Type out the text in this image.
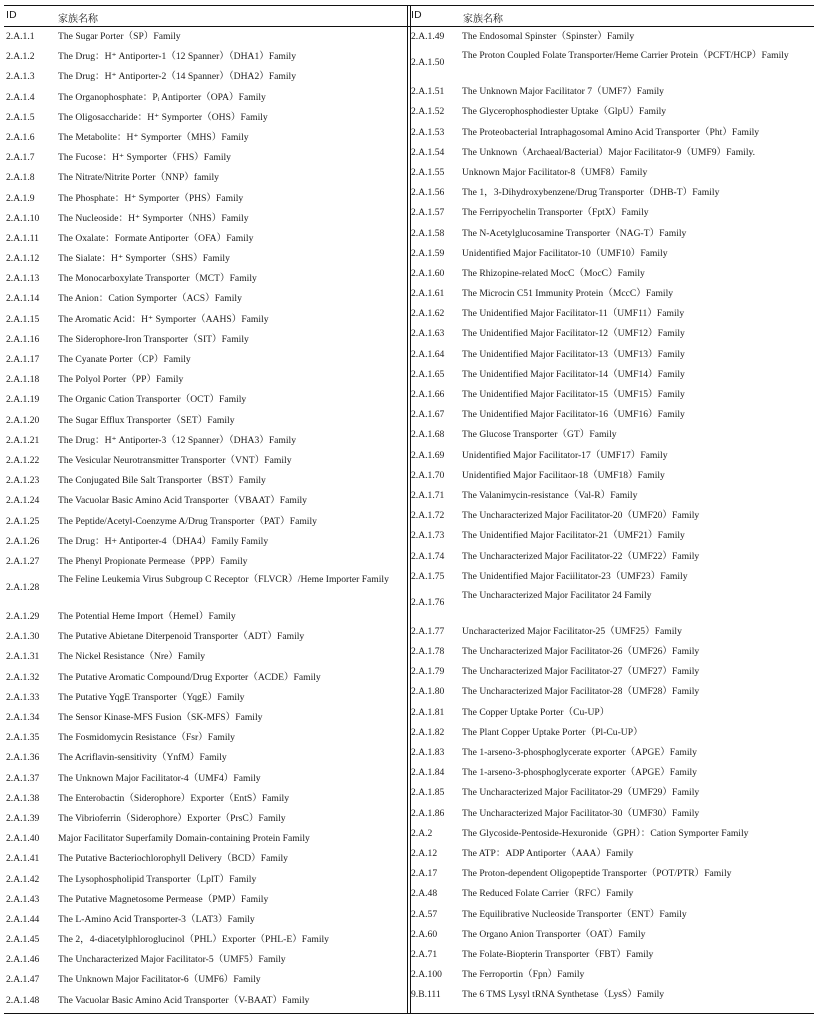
ID	家族名称
2.A.1.1 The Sugar Porter（SP）Family
2.A.1.2 The Drug：H⁺ Antiporter-1（12 Spanner）（DHA1）Family
2.A.1.3 The Drug：H⁺ Antiporter-2（14 Spanner）（DHA2）Family
2.A.1.4 The Organophosphate：Pᵢ Antiporter（OPA）Family
2.A.1.5 The Oligosaccharide：H⁺ Symporter（OHS）Family
2.A.1.6 The Metabolite：H⁺ Symporter（MHS）Family
2.A.1.7 The Fucose：H⁺ Symporter（FHS）Family
2.A.1.8 The Nitrate/Nitrite Porter（NNP）family
2.A.1.9 The Phosphate：H⁺ Symporter（PHS）Family
2.A.1.10 The Nucleoside：H⁺ Symporter（NHS）Family
2.A.1.11 The Oxalate：Formate Antiporter（OFA）Family
2.A.1.12 The Sialate：H⁺ Symporter（SHS）Family
2.A.1.13 The Monocarboxylate Transporter（MCT）Family
2.A.1.14 The Anion：Cation Symporter（ACS）Family
2.A.1.15 The Aromatic Acid：H⁺ Symporter（AAHS）Family
2.A.1.16 The Siderophore-Iron Transporter（SIT）Family
2.A.1.17 The Cyanate Porter（CP）Family
2.A.1.18 The Polyol Porter（PP）Family
2.A.1.19 The Organic Cation Transporter（OCT）Family
2.A.1.20 The Sugar Efflux Transporter（SET）Family
2.A.1.21 The Drug：H⁺ Antiporter-3（12 Spanner）（DHA3）Family
2.A.1.22 The Vesicular Neurotransmitter Transporter（VNT）Family
2.A.1.23 The Conjugated Bile Salt Transporter（BST）Family
2.A.1.24 The Vacuolar Basic Amino Acid Transporter（VBAAT）Family
2.A.1.25 The Peptide/Acetyl-Coenzyme A/Drug Transporter（PAT）Family
2.A.1.26 The Drug：H+ Antiporter-4（DHA4）Family Family
2.A.1.27 The Phenyl Propionate Permease（PPP）Family
2.A.1.28
The Feline Leukemia Virus Subgroup C Receptor（FLVCR）/Heme Importer Family
2.A.1.29 The Potential Heme Import（HemeI）Family
2.A.1.30 The Putative Abietane Diterpenoid Transporter（ADT）Family
2.A.1.31 The Nickel Resistance（Nre）Family
2.A.1.32 The Putative Aromatic Compound/Drug Exporter（ACDE）Family
2.A.1.33 The Putative YqgE Transporter（YqgE）Family
2.A.1.34 The Sensor Kinase-MFS Fusion（SK-MFS）Family
2.A.1.35 The Fosmidomycin Resistance（Fsr）Family
2.A.1.36 The Acriflavin-sensitivity（YnfM）Family
2.A.1.37 The Unknown Major Facilitator-4（UMF4）Family
2.A.1.38 The Enterobactin（Siderophore）Exporter（EntS）Family
2.A.1.39 The Vibrioferrin（Siderophore）Exporter（PrsC）Family
2.A.1.40 Major Facilitator Superfamily Domain-containing Protein Family
2.A.1.41 The Putative Bacteriochlorophyll Delivery（BCD）Family
2.A.1.42 The Lysophospholipid Transporter（LplT）Family
2.A.1.43 The Putative Magnetosome Permease（PMP）Family
2.A.1.44 The L-Amino Acid Transporter-3（LAT3）Family
2.A.1.45 The 2，4-diacetylphloroglucinol（PHL）Exporter（PHL-E）Family
2.A.1.46 The Uncharacterized Major Facilitator-5（UMF5）Family
2.A.1.47 The Unknown Major Facilitator-6（UMF6）Family
2.A.1.48 The Vacuolar Basic Amino Acid Transporter（V-BAAT）Family
ID	家族名称
2.A.1.49 The Endosomal Spinster（Spinster）Family
2.A.1.50
The Proton Coupled Folate Transporter/Heme Carrier Protein（PCFT/HCP）Family
2.A.1.51 The Unknown Major Facilitator 7（UMF7）Family
2.A.1.52 The Glycerophosphodiester Uptake（GlpU）Family
2.A.1.53 The Proteobacterial Intraphagosomal Amino Acid Transporter（Pht）Family
2.A.1.54 The Unknown（Archaeal/Bacterial）Major Facilitator-9（UMF9）Family.
2.A.1.55 Unknown Major Facilitator-8（UMF8）Family
2.A.1.56 The 1，3-Dihydroxybenzene/Drug Transporter（DHB-T）Family
2.A.1.57 The Ferripyochelin Transporter（FptX）Family
2.A.1.58 The N-Acetylglucosamine Transporter（NAG-T）Family
2.A.1.59 Unidentified Major Facilitator-10（UMF10）Family
2.A.1.60 The Rhizopine-related MocC（MocC）Family
2.A.1.61 The Microcin C51 Immunity Protein（MccC）Family
2.A.1.62 The Unidentified Major Facilitator-11（UMF11）Family
2.A.1.63 The Unidentified Major Facilitator-12（UMF12）Family
2.A.1.64 The Unidentified Major Facilitator-13（UMF13）Family
2.A.1.65 The Unidentified Major Facilitator-14（UMF14）Family
2.A.1.66 The Unidentified Major Facilitator-15（UMF15）Family
2.A.1.67 The Unidentified Major Facilitator-16（UMF16）Family
2.A.1.68 The Glucose Transporter（GT）Family
2.A.1.69 Unidentified Major Facilitator-17（UMF17）Family
2.A.1.70 Unidentified Major Facilitaor-18（UMF18）Family
2.A.1.71 The Valanimycin-resistance（Val-R）Family
2.A.1.72 The Uncharacterized Major Facilitator-20（UMF20）Family
2.A.1.73 The Unidentified Major Facilitator-21（UMF21）Family
2.A.1.74 The Uncharacterized Major Facilitator-22（UMF22）Family
2.A.1.75 The Unidentified Major Faciilitator-23（UMF23）Family
2.A.1.76
The Uncharacterized Major Facilitator 24 Family
2.A.1.77 Uncharacterized Major Facilitator-25（UMF25）Family
2.A.1.78 The Uncharacterized Major Facilitator-26（UMF26）Family
2.A.1.79 The Uncharacterized Major Facilitator-27（UMF27）Family
2.A.1.80 The Uncharacterized Major Facilitator-28（UMF28）Family
2.A.1.81 The Copper Uptake Porter（Cu-UP）
2.A.1.82 The Plant Copper Uptake Porter（Pl-Cu-UP）
2.A.1.83 The 1-arseno-3-phosphoglycerate exporter（APGE）Family
2.A.1.84 The 1-arseno-3-phosphoglycerate exporter（APGE）Family
2.A.1.85 The Uncharacterized Major Facilitator-29（UMF29）Family
2.A.1.86 The Uncharacterized Major Facilitator-30（UMF30）Family
2.A.2	The Glycoside-Pentoside-Hexuronide（GPH）：Cation Symporter Family
2.A.12	The ATP：ADP Antiporter（AAA）Family
2.A.17	The Proton-dependent Oligopeptide Transporter（POT/PTR）Family
2.A.48	The Reduced Folate Carrier（RFC）Family
2.A.57	The Equilibrative Nucleoside Transporter（ENT）Family
2.A.60	The Organo Anion Transporter（OAT）Family
2.A.71	The Folate-Biopterin Transporter（FBT）Family
2.A.100 The Ferroportin（Fpn）Family
9.B.111 The 6 TMS Lysyl tRNA Synthetase（LysS）Family
